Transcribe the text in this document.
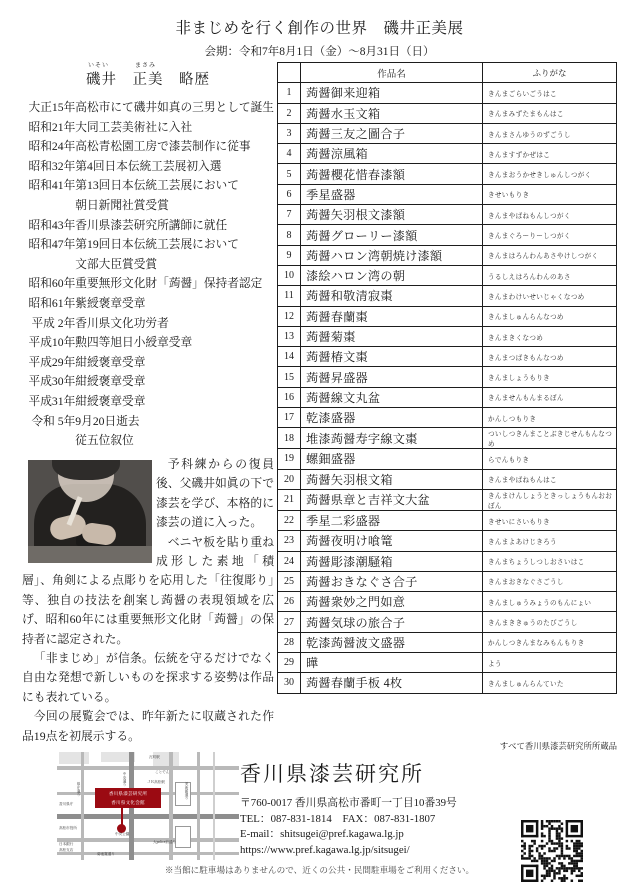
非まじめを行く創作の世界　磯井正美展
会期：令和7年8月1日（金）～8月31日（日）
いそい	まさみ
磯井　正美　略歴
大正15年	高松市にて磯井如真の三男として誕生
昭和21年	大同工芸美術社に入社
昭和24年	高松青松園工房で漆芸制作に従事
昭和32年	第4回日本伝統工芸展初入選
昭和41年	第13回日本伝統工芸展において
	朝日新聞社賞受賞
昭和43年	香川県漆芸研究所講師に就任
昭和47年	第19回日本伝統工芸展において
	文部大臣賞受賞
昭和60年	重要無形文化財「蒟醤」保持者認定
昭和61年	紫綬褒章受章
平成 2年	香川県文化功労者
平成10年	勲四等旭日小綬章受章
平成29年	紺綬褒章受章
平成30年	紺綬褒章受章
平成31年	紺綬褒章受章
令和 5年	9月20日逝去
	従五位叙位

予科練からの復員後、父磯井如眞の下で漆芸を学び、本格的に漆芸の道に入った。

ベニヤ板を貼り重ね成形した素地「積層」、角剣による点彫りを応用した「往復彫り」等、独自の技法を創案し蒟醤の表現領域を広げ、昭和60年には重要無形文化財「蒟醤」の保持者に認定された。

「非まじめ」が信条。伝統を守るだけでなく自由な発想で新しいものを探求する姿勢は作品にも表れている。

今回の展覧会では、昨年新たに収蔵された作品19点を初展示する。

	作品名	ふりがな
1	蒟醤御来迎箱	きんまごらいごうはこ
2	蒟醤水玉文箱	きんまみずたまもんはこ
3	蒟醤三友之圖合子	きんまさんゆうのずごうし
4	蒟醤涼風箱	きんますずかぜはこ
5	蒟醤櫻花惜春漆額	きんまおうかせきしゅんしつがく
6	季星盛器	きせいもりき
7	蒟醤矢羽根文漆額	きんまやばねもんしつがく
8	蒟醤グローリー漆額	きんまぐろーりーしつがく
9	蒟醤ハロン湾朝焼け漆額	きんまはろんわんあさやけしつがく
10	漆絵ハロン湾の朝	うるしえはろんわんのあさ
11	蒟醤和敬清寂棗	きんまわけいせいじゃくなつめ
12	蒟醤春蘭棗	きんましゅんらんなつめ
13	蒟醤菊棗	きんまきくなつめ
14	蒟醤椿文棗	きんまつばきもんなつめ
15	蒟醤昇盛器	きんましょうもりき
16	蒟醤線文丸盆	きんませんもんまるぼん
17	乾漆盛器	かんしつもりき
18	堆漆蒟醤寿字線文棗	ついしつきんまことぶきじせんもんなつめ
19	螺鈿盛器	らでんもりき
20	蒟醤矢羽根文箱	きんまやばねもんはこ
21	蒟醤県章と吉祥文大盆	きんまけんしょうときっしょうもんおおぼん
22	季星二彩盛器	きせいにさいもりき
23	蒟醤夜明け喰篭	きんまよあけじきろう
24	蒟醤彫漆潮騒箱	きんまちょうしつしおさいはこ
25	蒟醤おきなぐさ合子	きんまおきなぐさごうし
26	蒟醤衆妙之門如意	きんましゅうみょうのもんにょい
27	蒟醤気球の旅合子	きんまききゅうのたびごうし
28	乾漆蒟醤波文盛器	かんしつきんまなみもんもりき
29	曄	よう
30	蒟醤春蘭手板 4枚	きんましゅんらんていた
すべて香川県漆芸研究所所蔵品
香川県漆芸研究所
香川県文化会館
中央通り
県庁通り
瓦町駅
ことでん
香川県庁
高松市役所
中央公園
ＪＲ高松駅
日本銀行
高松支店
大police前通り
美術館通り
菊池寛通り
香川県漆芸研究所
〒760-0017 香川県高松市番町一丁目10番39号
TEL：087-831-1814　FAX：087-831-1807
E-mail：shitsugei@pref.kagawa.lg.jp
https://www.pref.kagawa.lg.jp/sitsugei/
※当館に駐車場はありませんので、近くの公共・民間駐車場をご利用ください。
